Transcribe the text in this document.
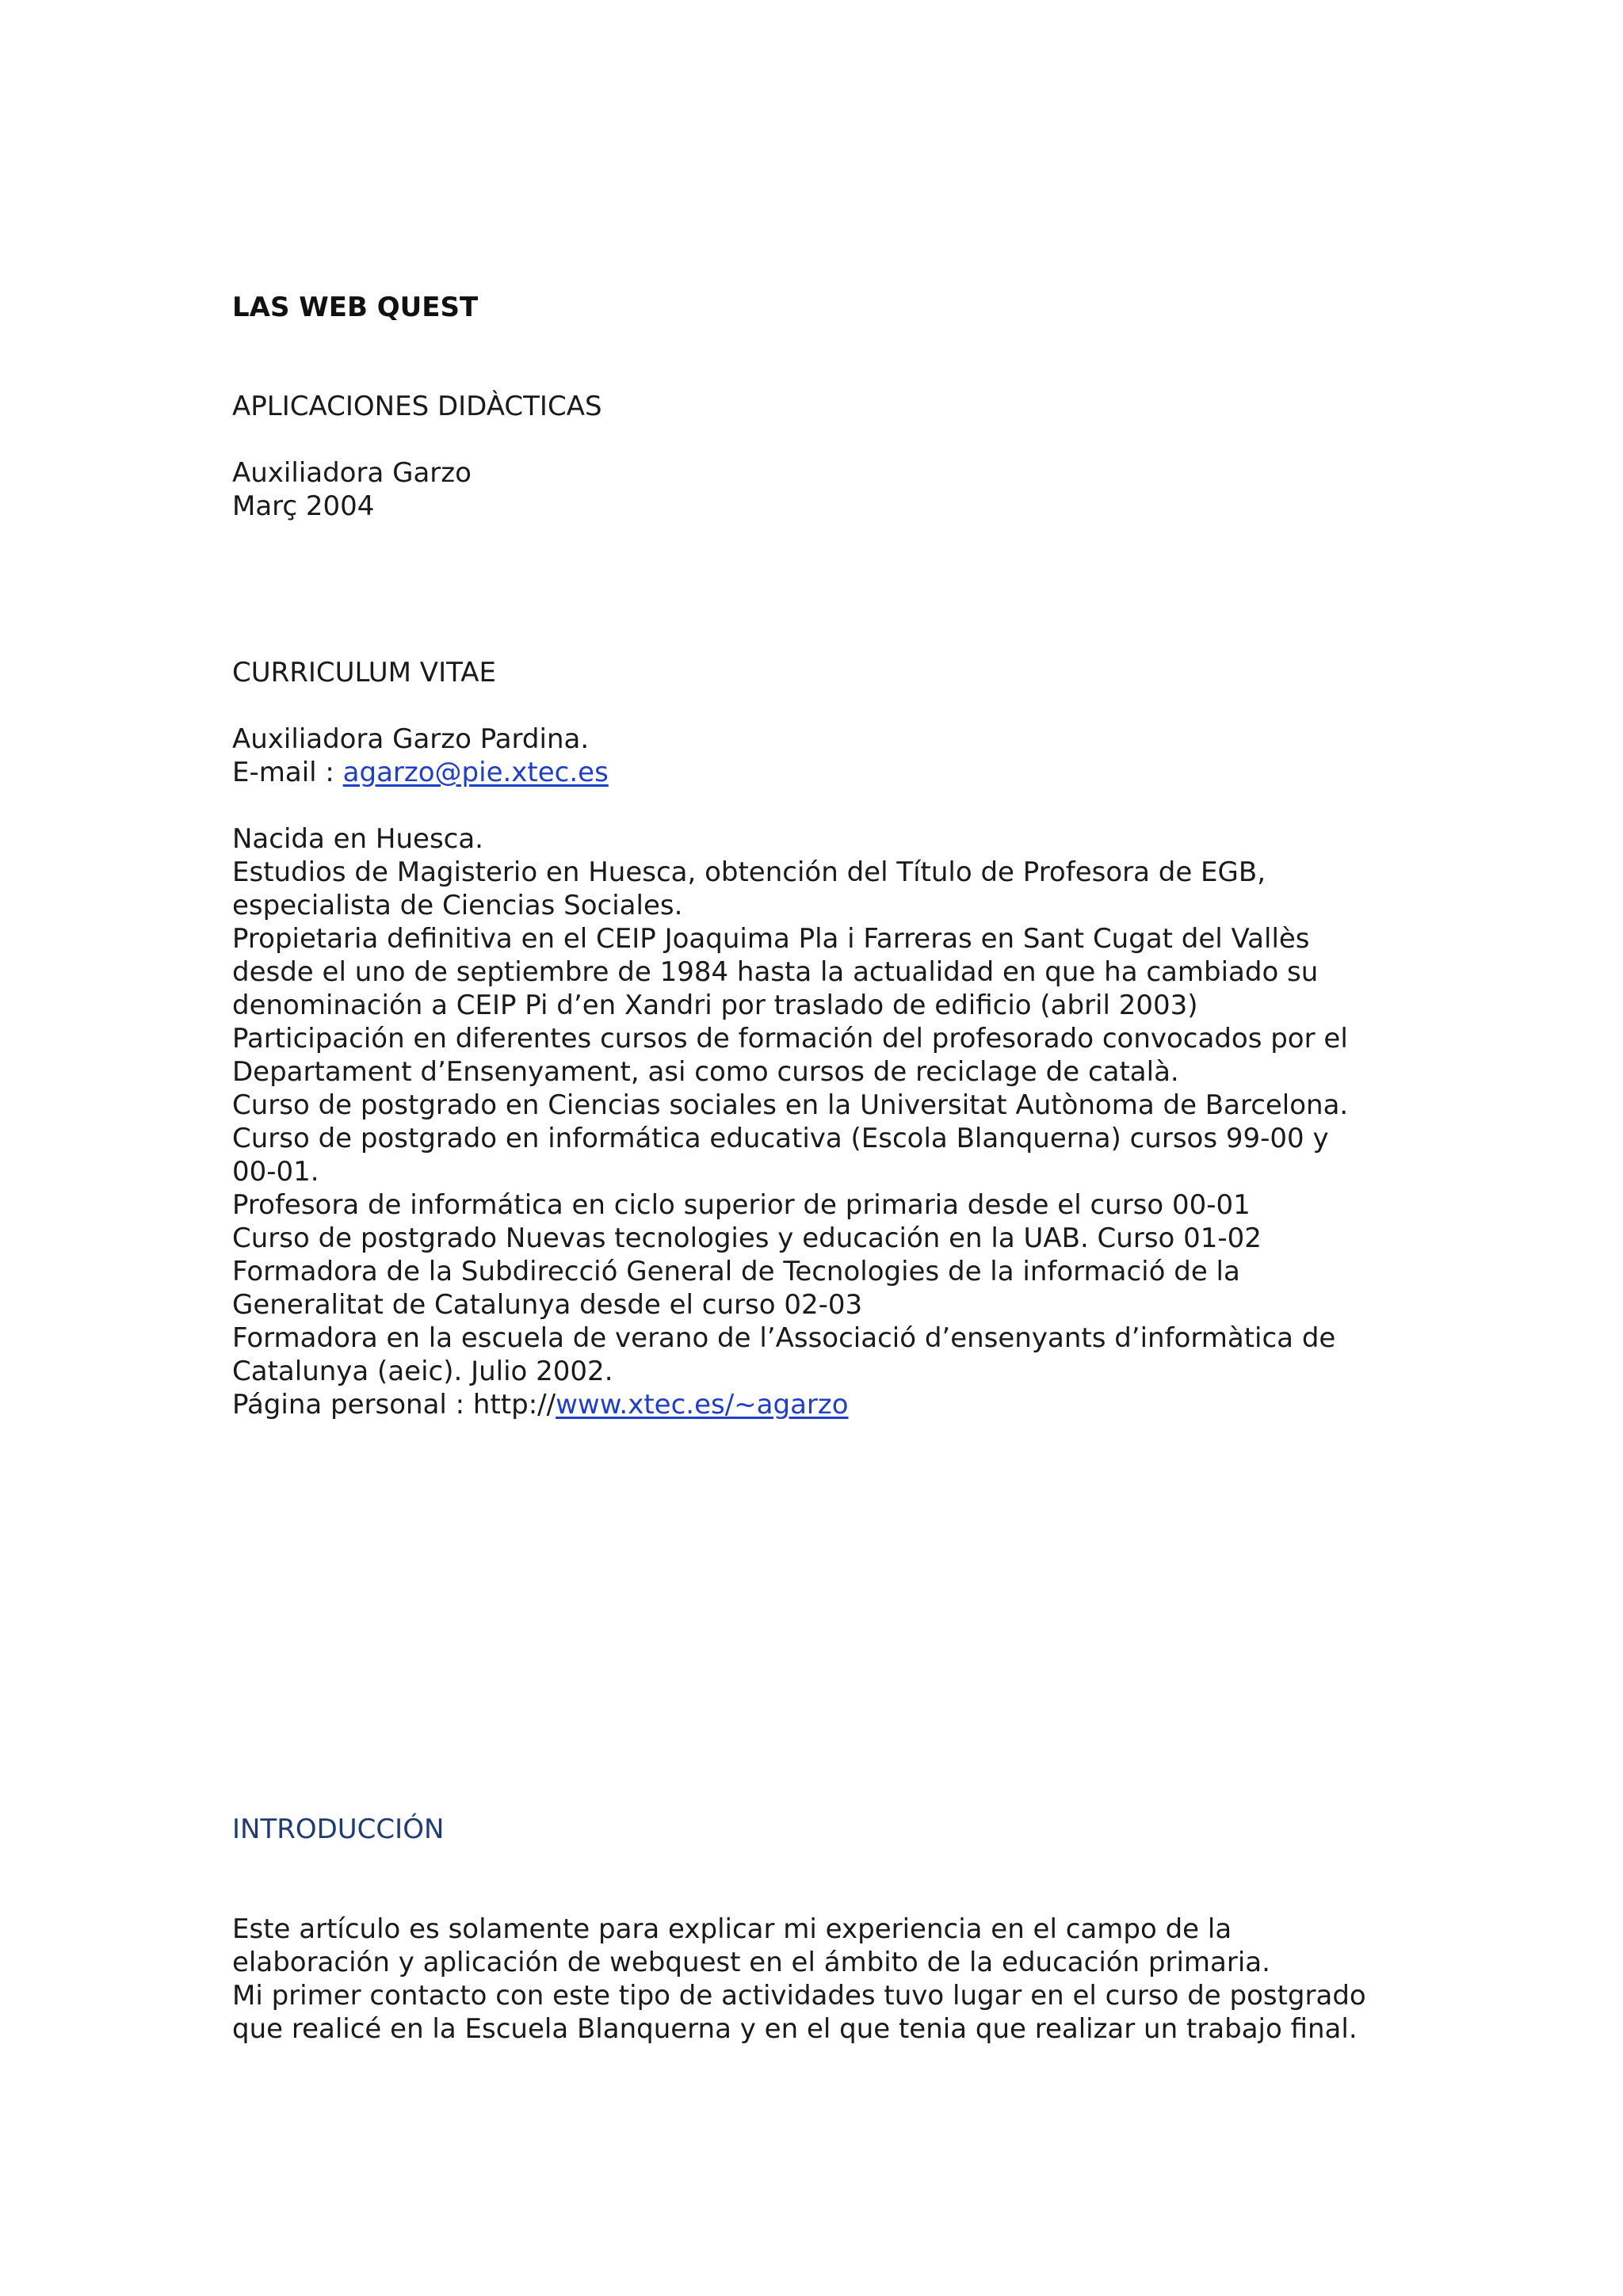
LAS WEB QUEST

APLICACIONES DIDÀCTICAS

Auxiliadora Garzo

Març 2004

CURRICULUM VITAE

Auxiliadora Garzo Pardina.

E-mail : agarzo@pie.xtec.es

Nacida en Huesca.

Estudios de Magisterio en Huesca, obtención del Título de Profesora de EGB,

especialista de Ciencias Sociales.

Propietaria definitiva en el CEIP Joaquima Pla i Farreras en Sant Cugat del Vallès

desde el uno de septiembre de 1984 hasta la actualidad en que ha cambiado su

denominación a CEIP Pi d’en Xandri por traslado de edificio (abril 2003)

Participación en diferentes cursos de formación del profesorado convocados por el

Departament d’Ensenyament, asi como cursos de reciclage de català.

Curso de postgrado en Ciencias sociales en la Universitat Autònoma de Barcelona.

Curso de postgrado en informática educativa (Escola Blanquerna) cursos 99-00 y

00-01.

Profesora de informática en ciclo superior de primaria desde el curso 00-01

Curso de postgrado Nuevas tecnologies y educación en la UAB. Curso 01-02

Formadora de la Subdirecció General de Tecnologies de la informació de la

Generalitat de Catalunya desde el curso 02-03

Formadora en la escuela de verano de l’Associació d’ensenyants d’informàtica de

Catalunya (aeic). Julio 2002.

Página personal : http://www.xtec.es/~agarzo

INTRODUCCIÓN

Este artículo es solamente para explicar mi experiencia en el campo de la

elaboración y aplicación de webquest en el ámbito de la educación primaria.

Mi primer contacto con este tipo de actividades tuvo lugar en el curso de postgrado

que realicé en la Escuela Blanquerna y en el que tenia que realizar un trabajo final.
